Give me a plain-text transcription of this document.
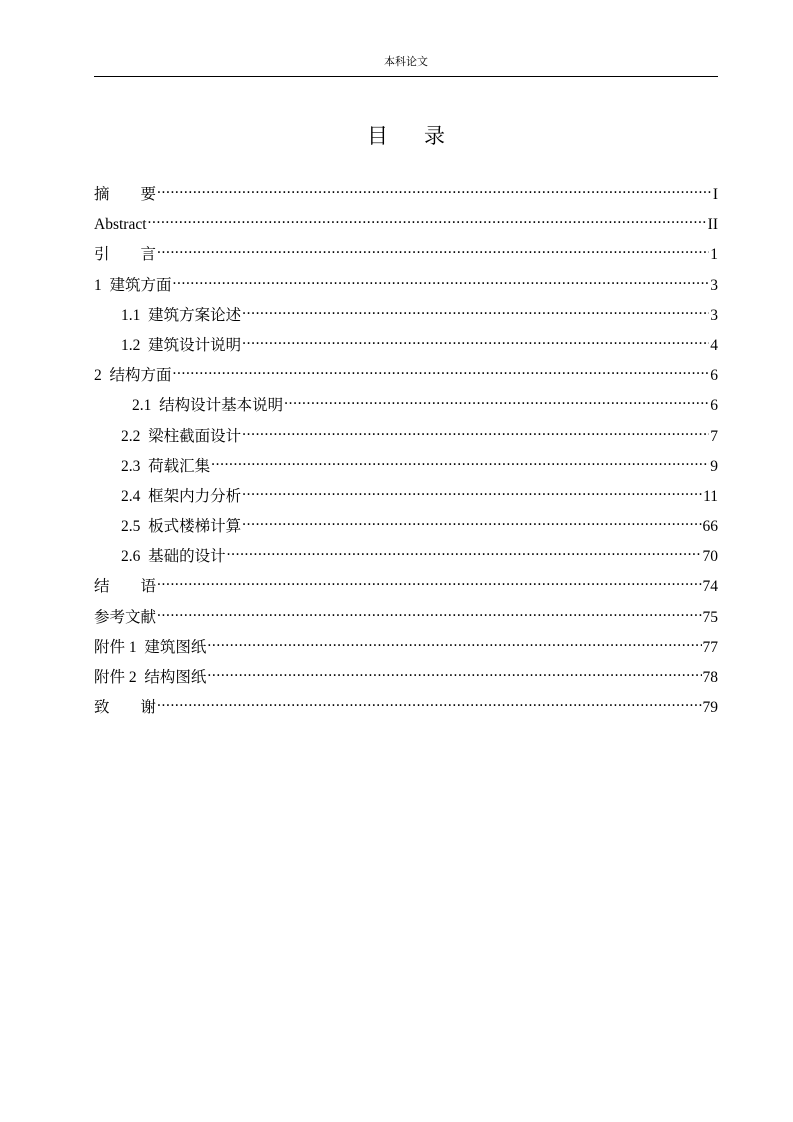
本科论文
目 录
摘　　要 .....	I
Abstract .....	II
引　　言 .....	1
1  建筑方面 .....	3
1.1  建筑方案论述 .....	3
1.2  建筑设计说明 .....	4
2  结构方面 .....	6
2.1  结构设计基本说明 .....	6
2.2  梁柱截面设计 .....	7
2.3  荷载汇集 .....	9
2.4  框架内力分析 .....	11
2.5  板式楼梯计算 .....	66
2.6  基础的设计 .....	70
结　　语 .....	74
参考文献 .....	75
附件 1  建筑图纸 .....	77
附件 2  结构图纸 .....	78
致　　谢 .....	79
